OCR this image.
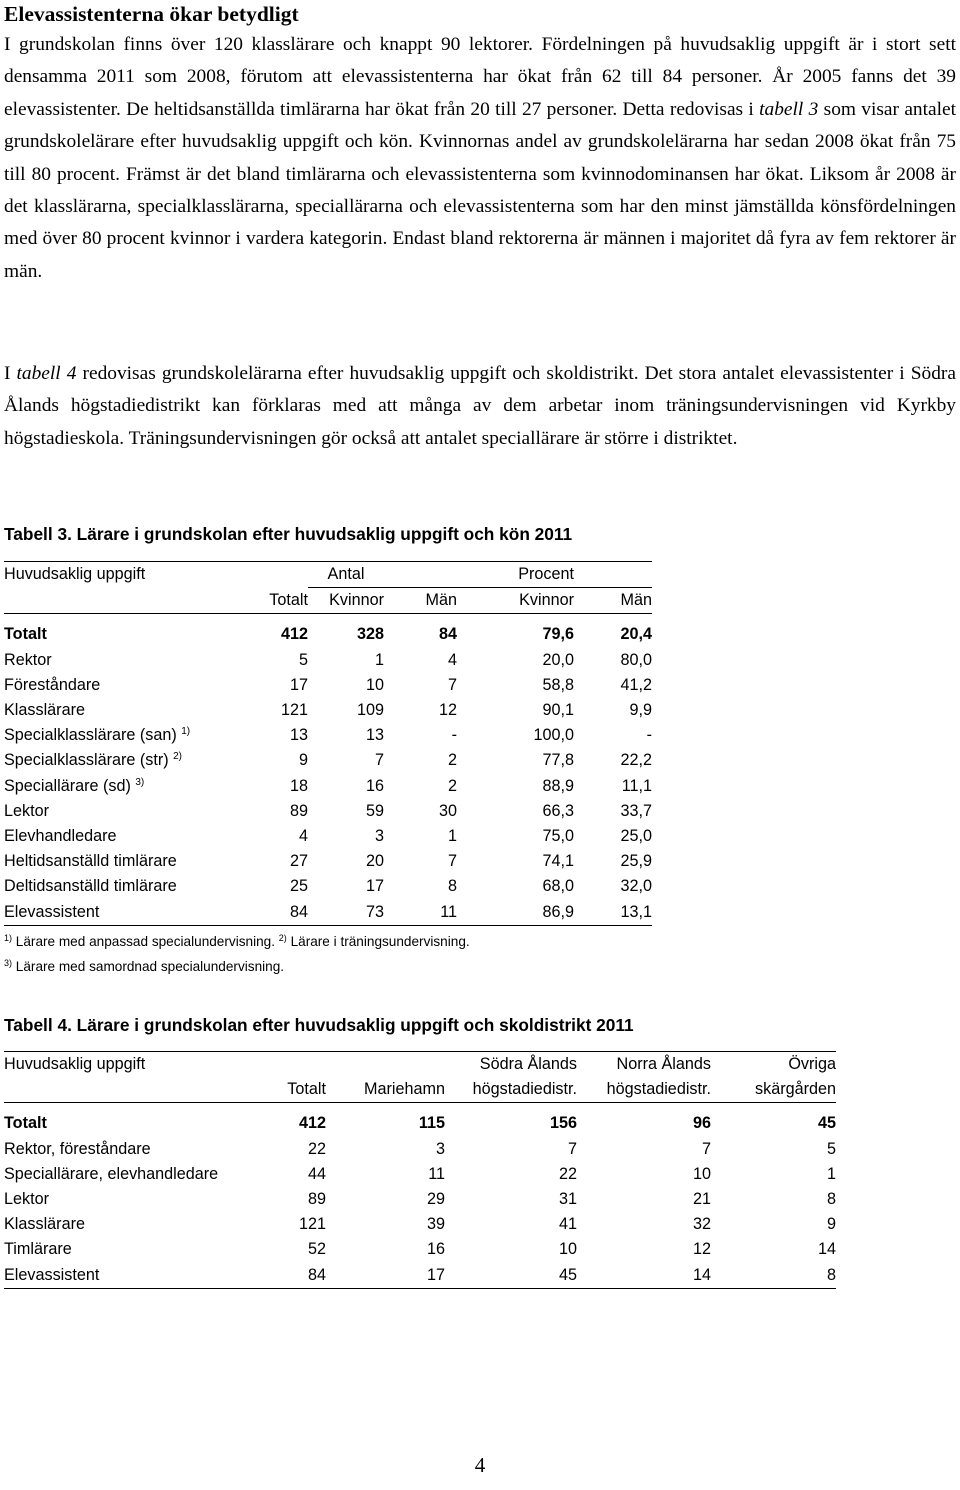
Elevassistenterna ökar betydligt

I grundskolan finns över 120 klasslärare och knappt 90 lektorer. Fördelningen på huvudsaklig uppgift är i stort sett densamma 2011 som 2008, förutom att elevassistenterna har ökat från 62 till 84 personer. År 2005 fanns det 39 elevassistenter. De heltidsanställda timlärarna har ökat från 20 till 27 personer. Detta redovisas i tabell 3 som visar antalet grundskolelärare efter huvudsaklig uppgift och kön. Kvinnornas andel av grundskolelärarna har sedan 2008 ökat från 75 till 80 procent. Främst är det bland timlärarna och elevassistenterna som kvinnodominansen har ökat. Liksom år 2008 är det klasslärarna, specialklasslärarna, speciallärarna och elevassistenterna som har den minst jämställda könsfördelningen med över 80 procent kvinnor i vardera kategorin. Endast bland rektorerna är männen i majoritet då fyra av fem rektorer är män.

I tabell 4 redovisas grundskolelärarna efter huvudsaklig uppgift och skoldistrikt. Det stora antalet elevassistenter i Södra Ålands högstadiedistrikt kan förklaras med att många av dem arbetar inom träningsundervisningen vid Kyrkby högstadieskola. Träningsundervisningen gör också att antalet speciallärare är större i distriktet.

Tabell 3. Lärare i grundskolan efter huvudsaklig uppgift och kön 2011
Huvudsaklig uppgift		Antal		Procent	
	Totalt	Kvinnor	Män	Kvinnor	Män

Totalt	412	328	84	79,6	20,4
Rektor	5	1	4	20,0	80,0
Föreståndare	17	10	7	58,8	41,2
Klasslärare	121	109	12	90,1	9,9
Specialklasslärare (san) $^{1)}$	13	13	-	100,0	-
Specialklasslärare (str) $^{2)}$	9	7	2	77,8	22,2
Speciallärare (sd) $^{3)}$	18	16	2	88,9	11,1
Lektor	89	59	30	66,3	33,7
Elevhandledare	4	3	1	75,0	25,0
Heltidsanställd timlärare	27	20	7	74,1	25,9
Deltidsanställd timlärare	25	17	8	68,0	32,0
Elevassistent	84	73	11	86,9	13,1

$^{1)}$ Lärare med anpassad specialundervisning. $^{2)}$ Lärare i träningsundervisning.

$^{3)}$ Lärare med samordnad specialundervisning.

Tabell 4. Lärare i grundskolan efter huvudsaklig uppgift och skoldistrikt 2011
Huvudsaklig uppgift			Södra Ålands	Norra Ålands	Övriga
	Totalt	Mariehamn	högstadiedistr.	högstadiedistr.	skärgården

Totalt	412	115	156	96	45
Rektor, föreståndare	22	3	7	7	5
Speciallärare, elevhandledare	44	11	22	10	1
Lektor	89	29	31	21	8
Klasslärare	121	39	41	32	9
Timlärare	52	16	10	12	14
Elevassistent	84	17	45	14	8
4
